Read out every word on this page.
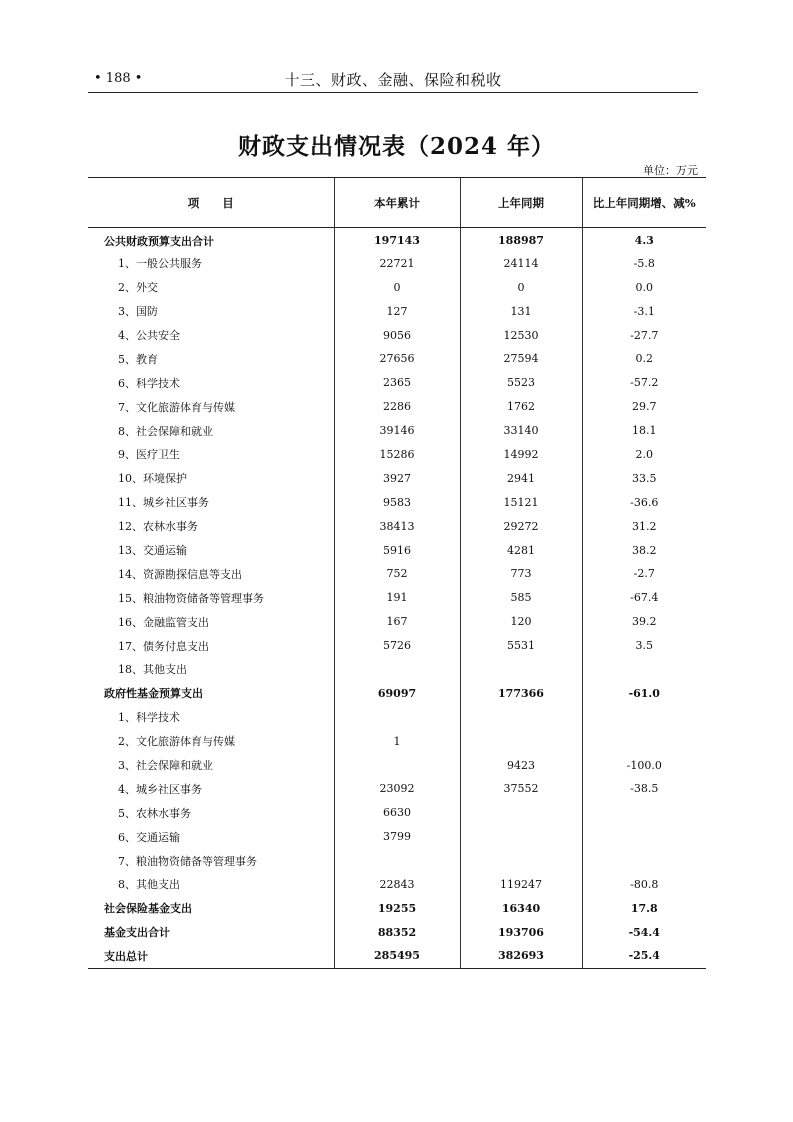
• 188 •	十三、财政、金融、保险和税收
财政支出情况表（2024 年）
单位：万元
项　　目	本年累计	上年同期	比上年同期增、减%
公共财政预算支出合计	197143	188987	4.3
1、一般公共服务	22721	24114	-5.8
2、外交	0	0	0.0
3、国防	127	131	-3.1
4、公共安全	9056	12530	-27.7
5、教育	27656	27594	0.2
6、科学技术	2365	5523	-57.2
7、文化旅游体育与传媒	2286	1762	29.7
8、社会保障和就业	39146	33140	18.1
9、医疗卫生	15286	14992	2.0
10、环境保护	3927	2941	33.5
11、城乡社区事务	9583	15121	-36.6
12、农林水事务	38413	29272	31.2
13、交通运输	5916	4281	38.2
14、资源勘探信息等支出	752	773	-2.7
15、粮油物资储备等管理事务	191	585	-67.4
16、金融监管支出	167	120	39.2
17、债务付息支出	5726	5531	3.5
18、其他支出			
政府性基金预算支出	69097	177366	-61.0
1、科学技术			
2、文化旅游体育与传媒	1		
3、社会保障和就业		9423	-100.0
4、城乡社区事务	23092	37552	-38.5
5、农林水事务	6630		
6、交通运输	3799		
7、粮油物资储备等管理事务			
8、其他支出	22843	119247	-80.8
社会保险基金支出	19255	16340	17.8
基金支出合计	88352	193706	-54.4
支出总计	285495	382693	-25.4
